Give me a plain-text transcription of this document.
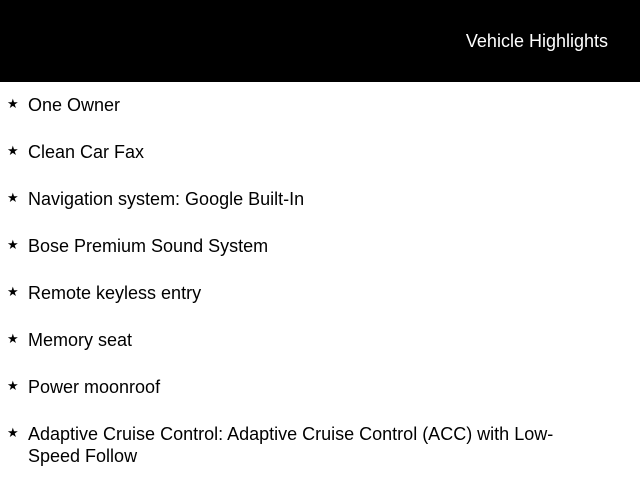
Vehicle Highlights
★ One Owner
★ Clean Car Fax
★ Navigation system: Google Built-In
★ Bose Premium Sound System
★ Remote keyless entry
★ Memory seat
★ Power moonroof
★ Adaptive Cruise Control: Adaptive Cruise Control (ACC) with Low-Speed Follow
